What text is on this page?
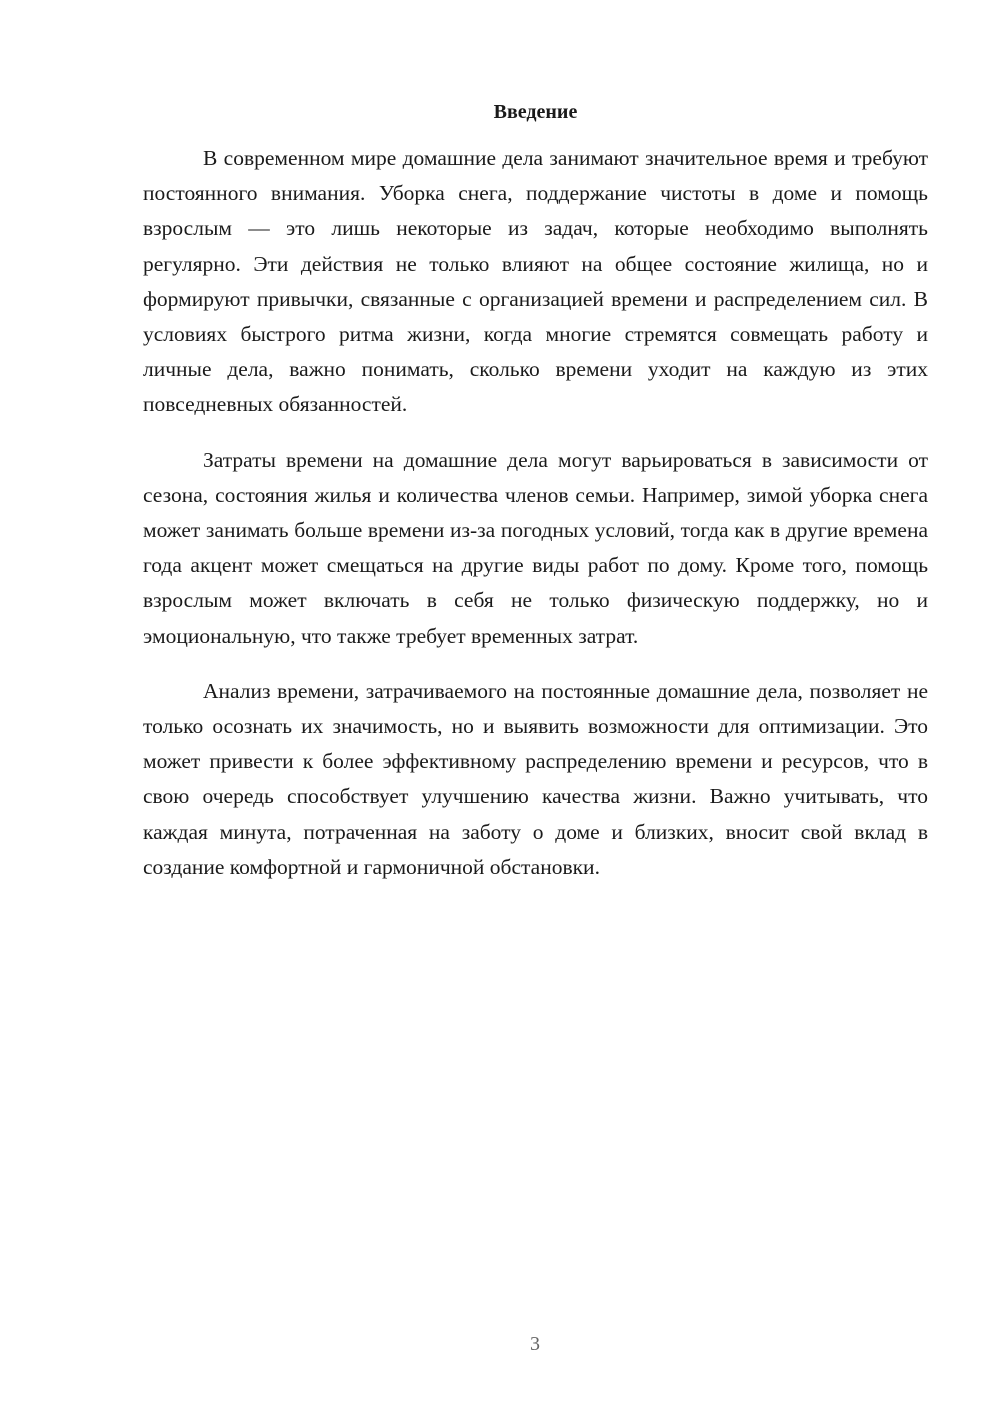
Введение

В современном мире домашние дела занимают значительное время и требуют постоянного внимания. Уборка снега, поддержание чистоты в доме и помощь взрослым — это лишь некоторые из задач, которые необходимо выполнять регулярно. Эти действия не только влияют на общее состояние жилища, но и формируют привычки, связанные с организацией времени и распределением сил. В условиях быстрого ритма жизни, когда многие стремятся совмещать работу и личные дела, важно понимать, сколько времени уходит на каждую из этих повседневных обязанностей.

Затраты времени на домашние дела могут варьироваться в зависимости от сезона, состояния жилья и количества членов семьи. Например, зимой уборка снега может занимать больше времени из-за погодных условий, тогда как в другие времена года акцент может смещаться на другие виды работ по дому. Кроме того, помощь взрослым может включать в себя не только физическую поддержку, но и эмоциональную, что также требует временных затрат.

Анализ времени, затрачиваемого на постоянные домашние дела, позволяет не только осознать их значимость, но и выявить возможности для оптимизации. Это может привести к более эффективному распределению времени и ресурсов, что в свою очередь способствует улучшению качества жизни. Важно учитывать, что каждая минута, потраченная на заботу о доме и близких, вносит свой вклад в создание комфортной и гармоничной обстановки.

3
